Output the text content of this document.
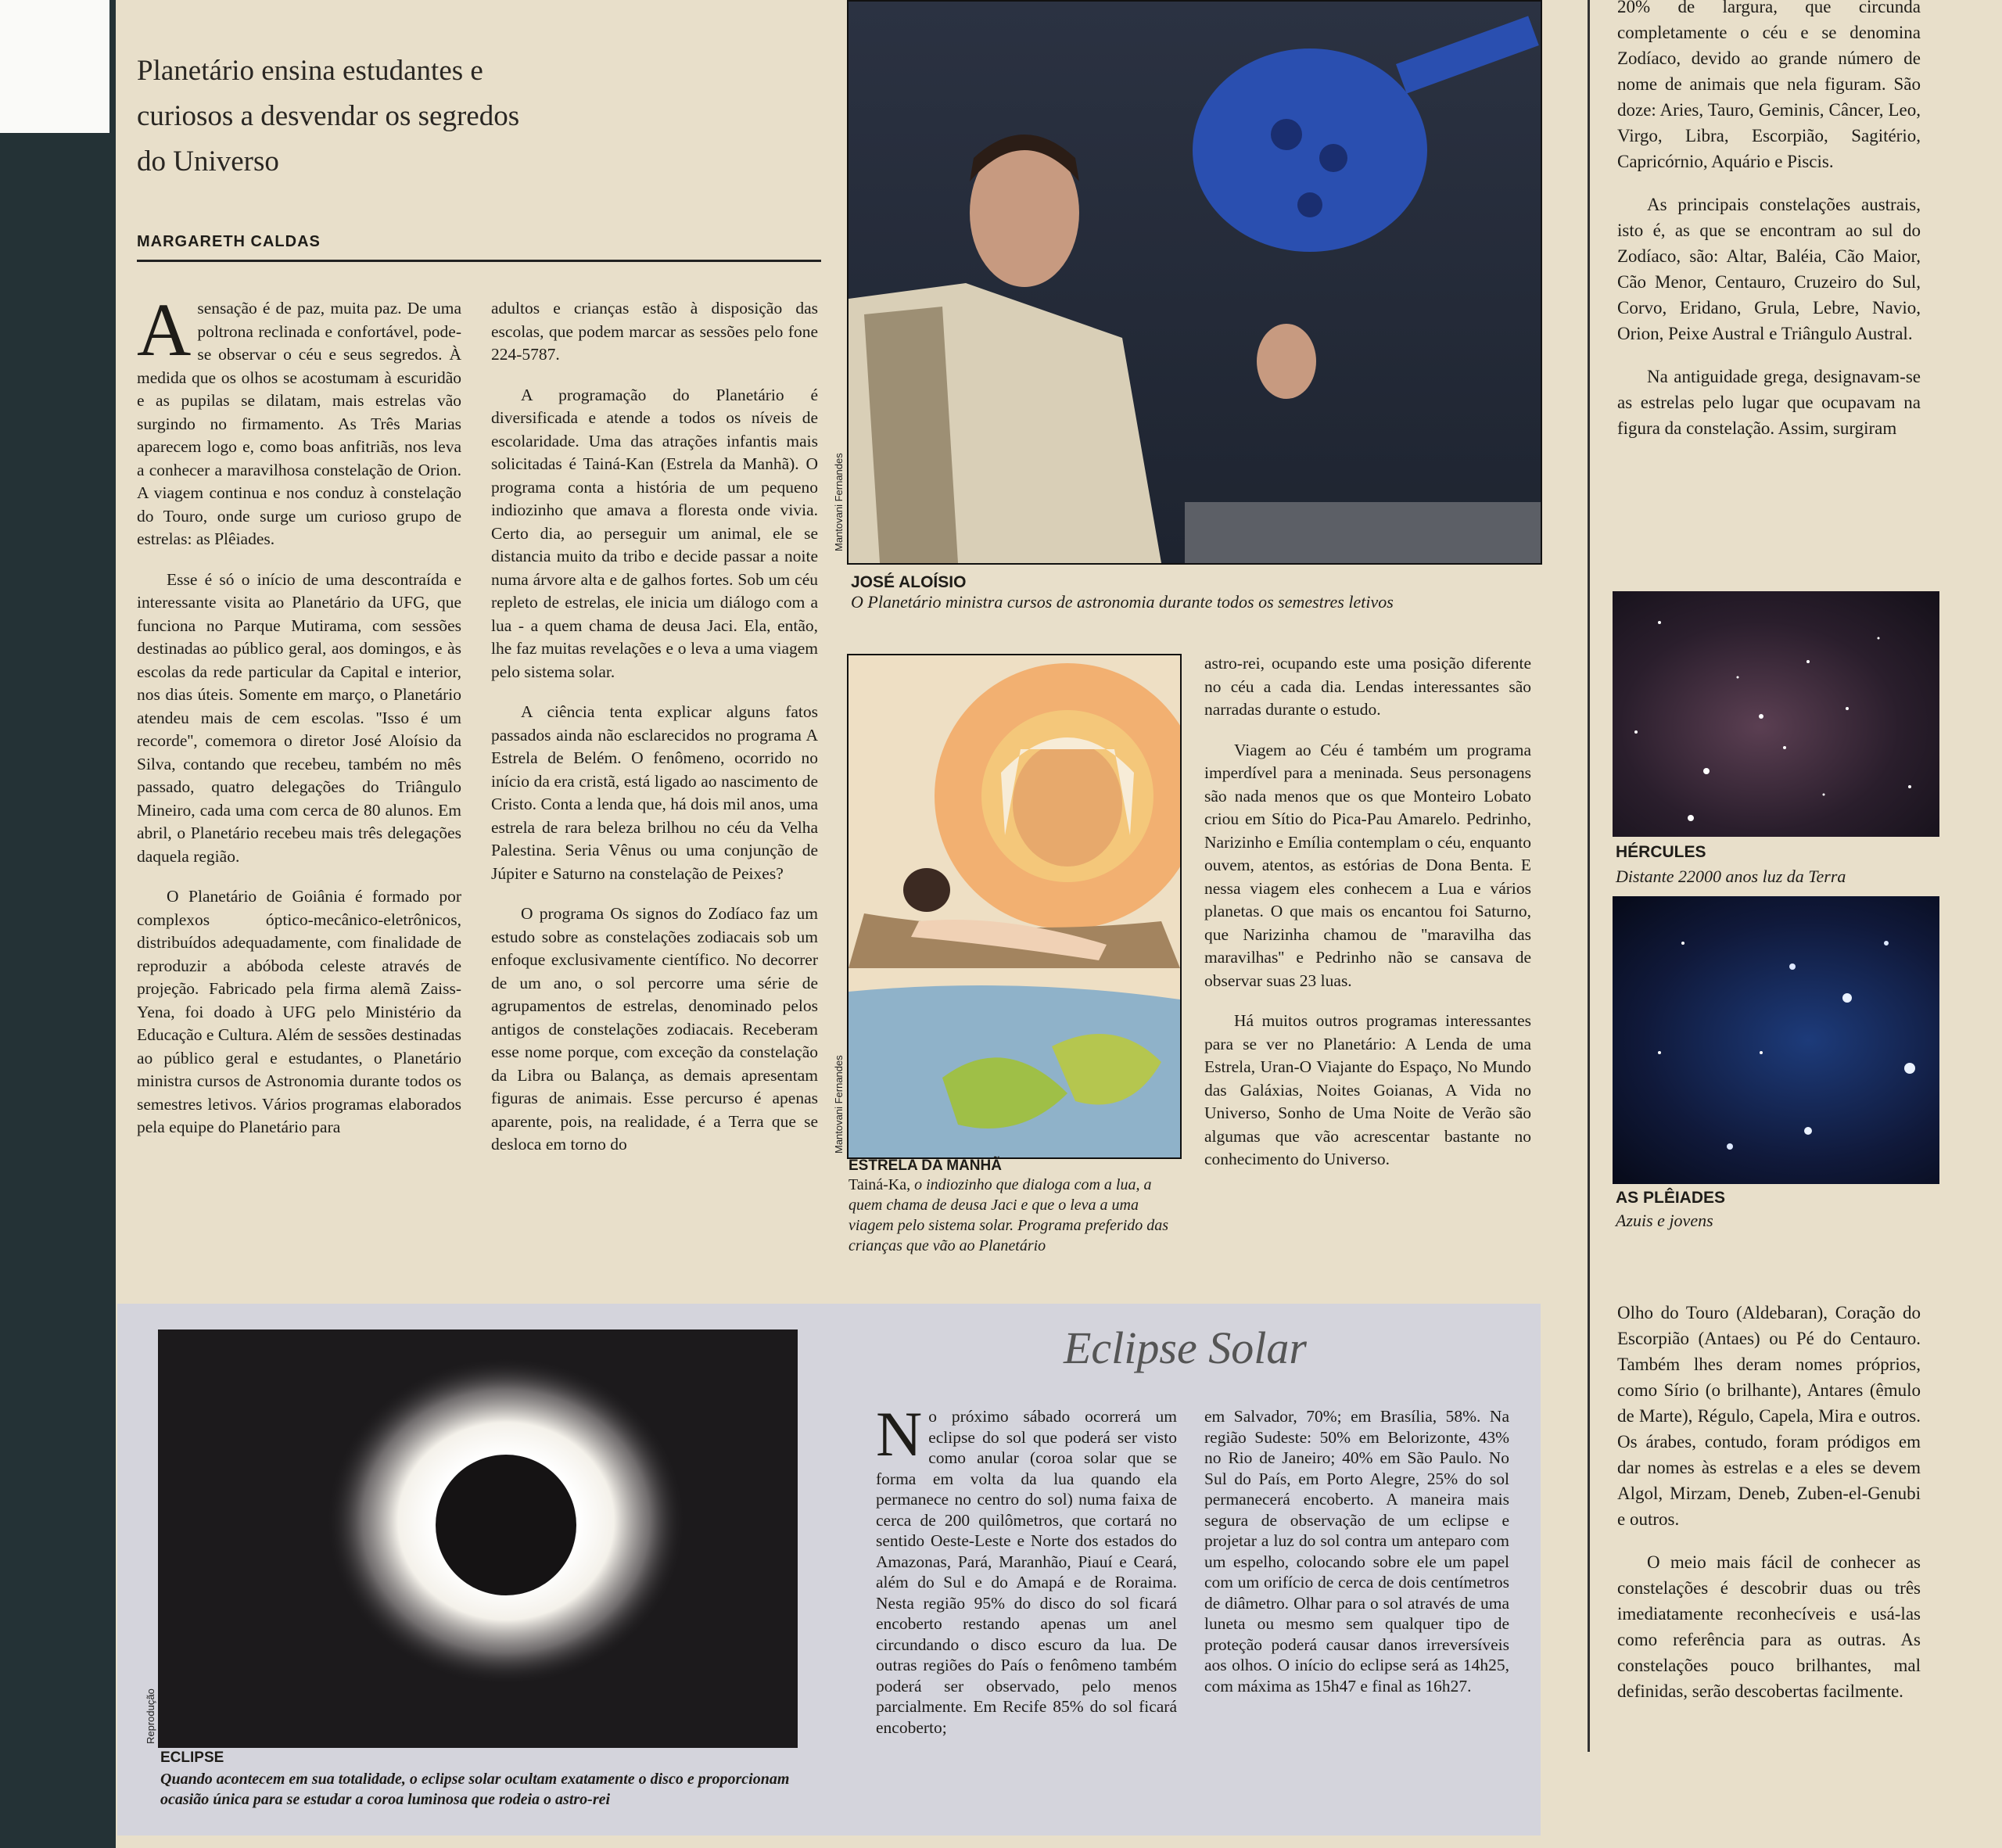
Planetário ensina estudantes e curiosos a desvendar os segredos do Universo
MARGARETH CALDAS

Asensação é de paz, muita paz. De uma poltrona reclinada e confortável, pode-se observar o céu e seus segredos. À medida que os olhos se acostumam à escuridão e as pupilas se dilatam, mais estrelas vão surgindo no firmamento. As Três Marias aparecem logo e, como boas anfitriãs, nos leva a conhecer a maravilhosa constelação de Orion. A viagem continua e nos conduz à constelação do Touro, onde surge um curioso grupo de estrelas: as Plêiades.

Esse é só o início de uma descontraída e interessante visita ao Planetário da UFG, que funciona no Parque Mutirama, com sessões destinadas ao público geral, aos domingos, e às escolas da rede particular da Capital e interior, nos dias úteis. Somente em março, o Planetário atendeu mais de cem escolas. ''Isso é um recorde'', comemora o diretor José Aloísio da Silva, contando que recebeu, também no mês passado, quatro delegações do Triângulo Mineiro, cada uma com cerca de 80 alunos. Em abril, o Planetário recebeu mais três delegações daquela região.

O Planetário de Goiânia é formado por complexos óptico-mecânico-eletrônicos, distribuídos adequadamente, com finalidade de reproduzir a abóboda celeste através de projeção. Fabricado pela firma alemã Zaiss-Yena, foi doado à UFG pelo Ministério da Educação e Cultura. Além de sessões destinadas ao público geral e estudantes, o Planetário ministra cursos de Astronomia durante todos os semestres letivos. Vários programas elaborados pela equipe do Planetário para

adultos e crianças estão à disposição das escolas, que podem marcar as sessões pelo fone 224-5787.

A programação do Planetário é diversificada e atende a todos os níveis de escolaridade. Uma das atrações infantis mais solicitadas é Tainá-Kan (Estrela da Manhã). O programa conta a história de um pequeno indiozinho que amava a floresta onde vivia. Certo dia, ao perseguir um animal, ele se distancia muito da tribo e decide passar a noite numa árvore alta e de galhos fortes. Sob um céu repleto de estrelas, ele inicia um diálogo com a lua - a quem chama de deusa Jaci. Ela, então, lhe faz muitas revelações e o leva a uma viagem pelo sistema solar.

A ciência tenta explicar alguns fatos passados ainda não esclarecidos no programa A Estrela de Belém. O fenômeno, ocorrido no início da era cristã, está ligado ao nascimento de Cristo. Conta a lenda que, há dois mil anos, uma estrela de rara beleza brilhou no céu da Velha Palestina. Seria Vênus ou uma conjunção de Júpiter e Saturno na constelação de Peixes?

O programa Os signos do Zodíaco faz um estudo sobre as constelações zodiacais sob um enfoque exclusivamente científico. No decorrer de um ano, o sol percorre uma série de agrupamentos de estrelas, denominado pelos antigos de constelações zodiacais. Receberam esse nome porque, com exceção da constelação da Libra ou Balança, as demais apresentam figuras de animais. Esse percurso é apenas aparente, pois, na realidade, é a Terra que se desloca em torno do

Mantovani Fernandes
JOSÉ ALOÍSIO
O Planetário ministra cursos de astronomia durante todos os semestres letivos
Mantovani Fernandes
ESTRELA DA MANHÃ
Tainá-Ka, o indiozinho que dialoga com a lua, a quem chama de deusa Jaci e que o leva a uma viagem pelo sistema solar. Programa preferido das crianças que vão ao Planetário

astro-rei, ocupando este uma posição diferente no céu a cada dia. Lendas interessantes são narradas durante o estudo.

Viagem ao Céu é também um programa imperdível para a meninada. Seus personagens são nada menos que os que Monteiro Lobato criou em Sítio do Pica-Pau Amarelo. Pedrinho, Narizinho e Emília contemplam o céu, enquanto ouvem, atentos, as estórias de Dona Benta. E nessa viagem eles conhecem a Lua e vários planetas. O que mais os encantou foi Saturno, que Narizinha chamou de ''maravilha das maravilhas'' e Pedrinho não se cansava de observar suas 23 luas.

Há muitos outros programas interessantes para se ver no Planetário: A Lenda de uma Estrela, Uran-O Viajante do Espaço, No Mundo das Galáxias, Noites Goianas, A Vida no Universo, Sonho de Uma Noite de Verão são algumas que vão acrescentar bastante no conhecimento do Universo.

20% de largura, que circunda completamente o céu e se denomina Zodíaco, devido ao grande número de nome de animais que nela figuram. São doze: Aries, Tauro, Geminis, Câncer, Leo, Virgo, Libra, Escorpião, Sagitério, Capricórnio, Aquário e Piscis.

As principais constelações austrais, isto é, as que se encontram ao sul do Zodíaco, são: Altar, Baléia, Cão Maior, Cão Menor, Centauro, Cruzeiro do Sul, Corvo, Eridano, Grula, Lebre, Navio, Orion, Peixe Austral e Triângulo Austral.

Na antiguidade grega, designavam-se as estrelas pelo lugar que ocupavam na figura da constelação. Assim, surgiram

HÉRCULES
Distante 22000 anos luz da Terra
AS PLÊIADES
Azuis e jovens

Olho do Touro (Aldebaran), Coração do Escorpião (Antaes) ou Pé do Centauro. Também lhes deram nomes próprios, como Sírio (o brilhante), Antares (êmulo de Marte), Régulo, Capela, Mira e outros. Os árabes, contudo, foram pródigos em dar nomes às estrelas e a eles se devem Algol, Mirzam, Deneb, Zuben-el-Genubi e outros.

O meio mais fácil de conhecer as constelações é descobrir duas ou três imediatamente reconhecíveis e usá-las como referência para as outras. As constelações pouco brilhantes, mal definidas, serão descobertas facilmente.

Reprodução
ECLIPSE
Quando acontecem em sua totalidade, o eclipse solar ocultam exatamente o disco e proporcionam ocasião única para se estudar a coroa luminosa que rodeia o astro-rei
Eclipse Solar

No próximo sábado ocorrerá um eclipse do sol que poderá ser visto como anular (coroa solar que se forma em volta da lua quando ela permanece no centro do sol) numa faixa de cerca de 200 quilômetros, que cortará no sentido Oeste-Leste e Norte dos estados do Amazonas, Pará, Maranhão, Piauí e Ceará, além do Sul e do Amapá e de Roraima. Nesta região 95% do disco do sol ficará encoberto restando apenas um anel circundando o disco escuro da lua. De outras regiões do País o fenômeno também poderá ser observado, pelo menos parcialmente. Em Recife 85% do sol ficará encoberto;

em Salvador, 70%; em Brasília, 58%. Na região Sudeste: 50% em Belorizonte, 43% no Rio de Janeiro; 40% em São Paulo. No Sul do País, em Porto Alegre, 25% do sol permanecerá encoberto. A maneira mais segura de observação de um eclipse e projetar a luz do sol contra um anteparo com um espelho, colocando sobre ele um papel com um orifício de cerca de dois centímetros de diâmetro. Olhar para o sol através de uma luneta ou mesmo sem qualquer tipo de proteção poderá causar danos irreversíveis aos olhos. O início do eclipse será as 14h25, com máxima as 15h47 e final as 16h27.
